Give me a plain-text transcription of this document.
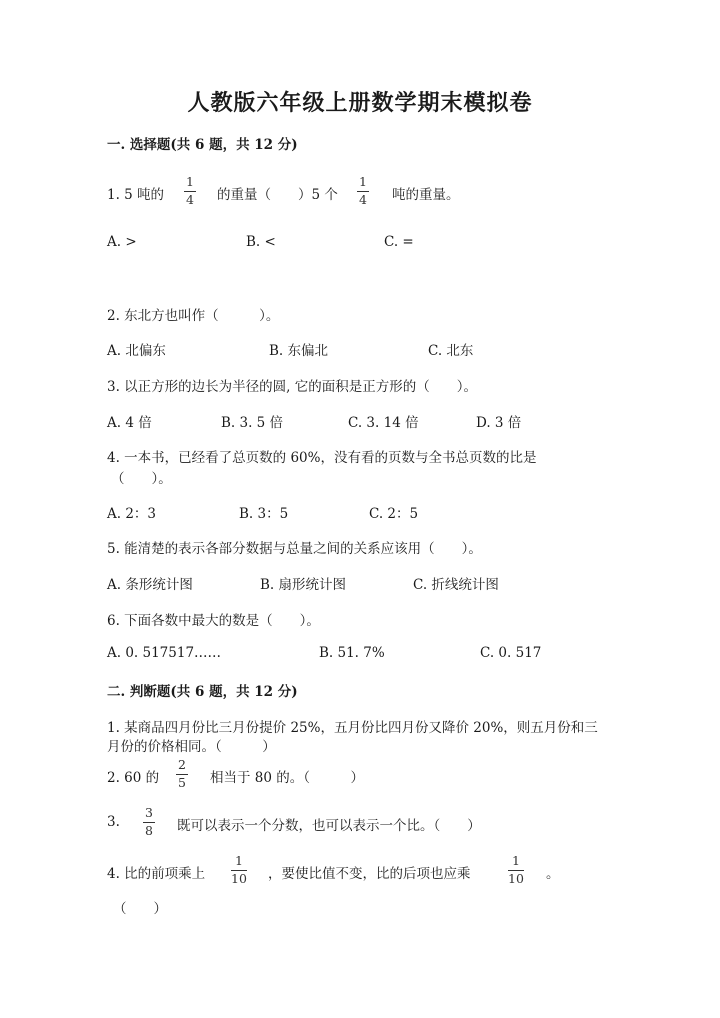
人教版六年级上册数学期末模拟卷
一. 选择题(共 6 题，共 12 分)
1. 5 吨的
1
4 的重量（　　）5 个
1
4 吨的重量。
A. >	B. <	C. =
2. 东北方也叫作（　　　）。
A. 北偏东	B. 东偏北	C. 北东
3. 以正方形的边长为半径的圆, 它的面积是正方形的（　　）。
A. 4 倍	B. 3. 5 倍	C. 3. 14 倍	D. 3 倍
4. 一本书，已经看了总页数的 60%，没有看的页数与全书总页数的比是
（　　）。
A. 2：3	B. 3：5	C. 2：5
5. 能清楚的表示各部分数据与总量之间的关系应该用（　　）。
A. 条形统计图	B. 扇形统计图	C. 折线统计图
6. 下面各数中最大的数是（　　）。
A. 0. 517517……	B. 51. 7%	C. 0. 517
二. 判断题(共 6 题，共 12 分)
1. 某商品四月份比三月份提价 25%，五月份比四月份又降价 20%，则五月份和三
月份的价格相同。（　　　）
2. 60 的
2
5 相当于 80 的。（　　　）
3.
3
8 既可以表示一个分数，也可以表示一个比。（　　）
4. 比的前项乘上
1
10 ，要使比值不变，比的后项也应乘
1
10 。
（　　）
